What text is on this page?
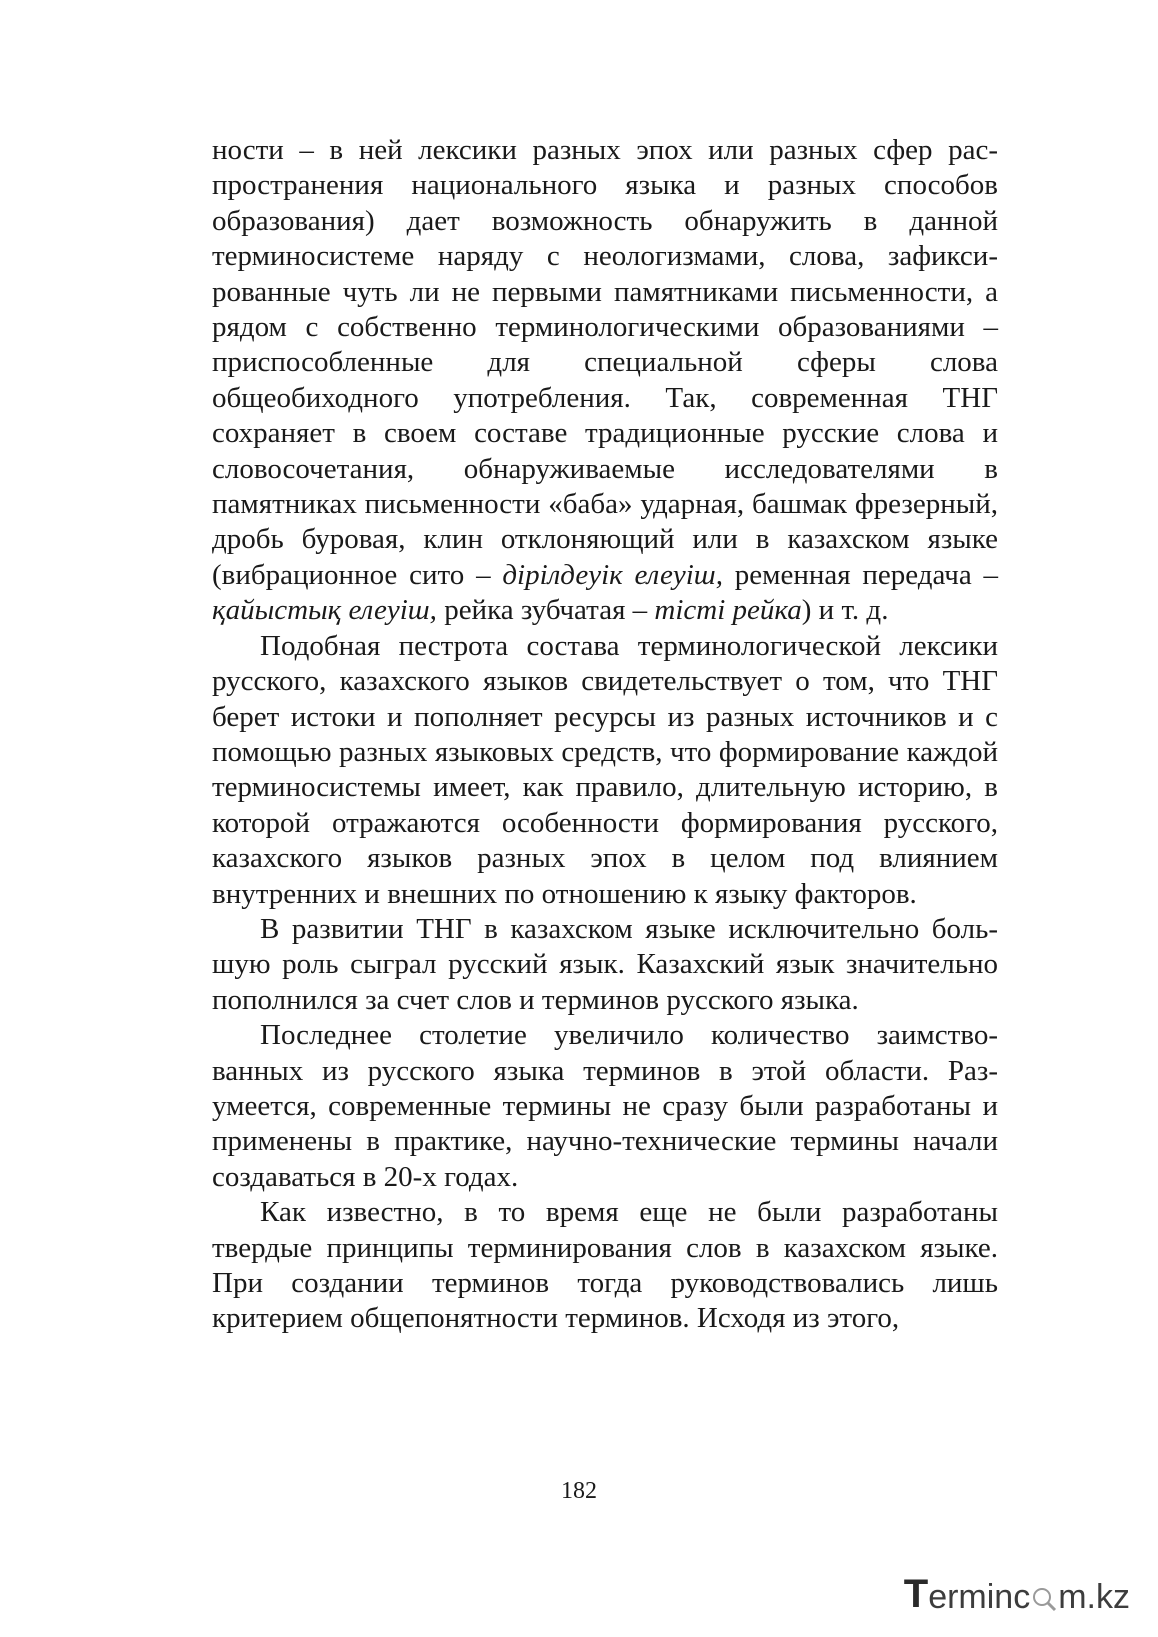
ности – в ней лексики разных эпох или разных сфер распространения национального языка и разных способов образования) дает возможность обнаружить в данной терминосистеме наряду с неологизмами, слова, зафиксированные чуть ли не первыми памятниками письменности, а рядом с собственно терминологическими образованиями – приспособленные для специальной сферы слова общеобиходного употребления. Так, современная ТНГ сохраняет в своем составе традиционные русские слова и словосочетания, обнаруживаемые исследователями в памятниках письменности «баба» ударная, башмак фрезерный, дробь буровая, клин отклоняющий или в казахском языке (вибрационное сито – дірілдеуік елеуіш, ременная передача – қайыстық елеуіш, рейка зубчатая – тісті рейка) и т. д.

Подобная пестрота состава терминологической лексики русского, казахского языков свидетельствует о том, что ТНГ берет истоки и пополняет ресурсы из разных источников и с помощью разных языковых средств, что формирование каждой терминосистемы имеет, как правило, длительную историю, в которой отражаются особенности формирования русского, казахского языков разных эпох в целом под влиянием внутренних и внешних по отношению к языку факторов.

В развитии ТНГ в казахском языке исключительно большую роль сыграл русский язык. Казахский язык значительно пополнился за счет слов и терминов русского языка.

Последнее столетие увеличило количество заимствованных из русского языка терминов в этой области. Разумеется, современные термины не сразу были разработаны и применены в практике, научно-технические термины начали создаваться в 20-х годах.

Как известно, в то время еще не были разработаны твердые принципы терминирования слов в казахском языке. При создании терминов тогда руководствовались лишь критерием общепонятности терминов. Исходя из этого,

182
T erminc m.kz
